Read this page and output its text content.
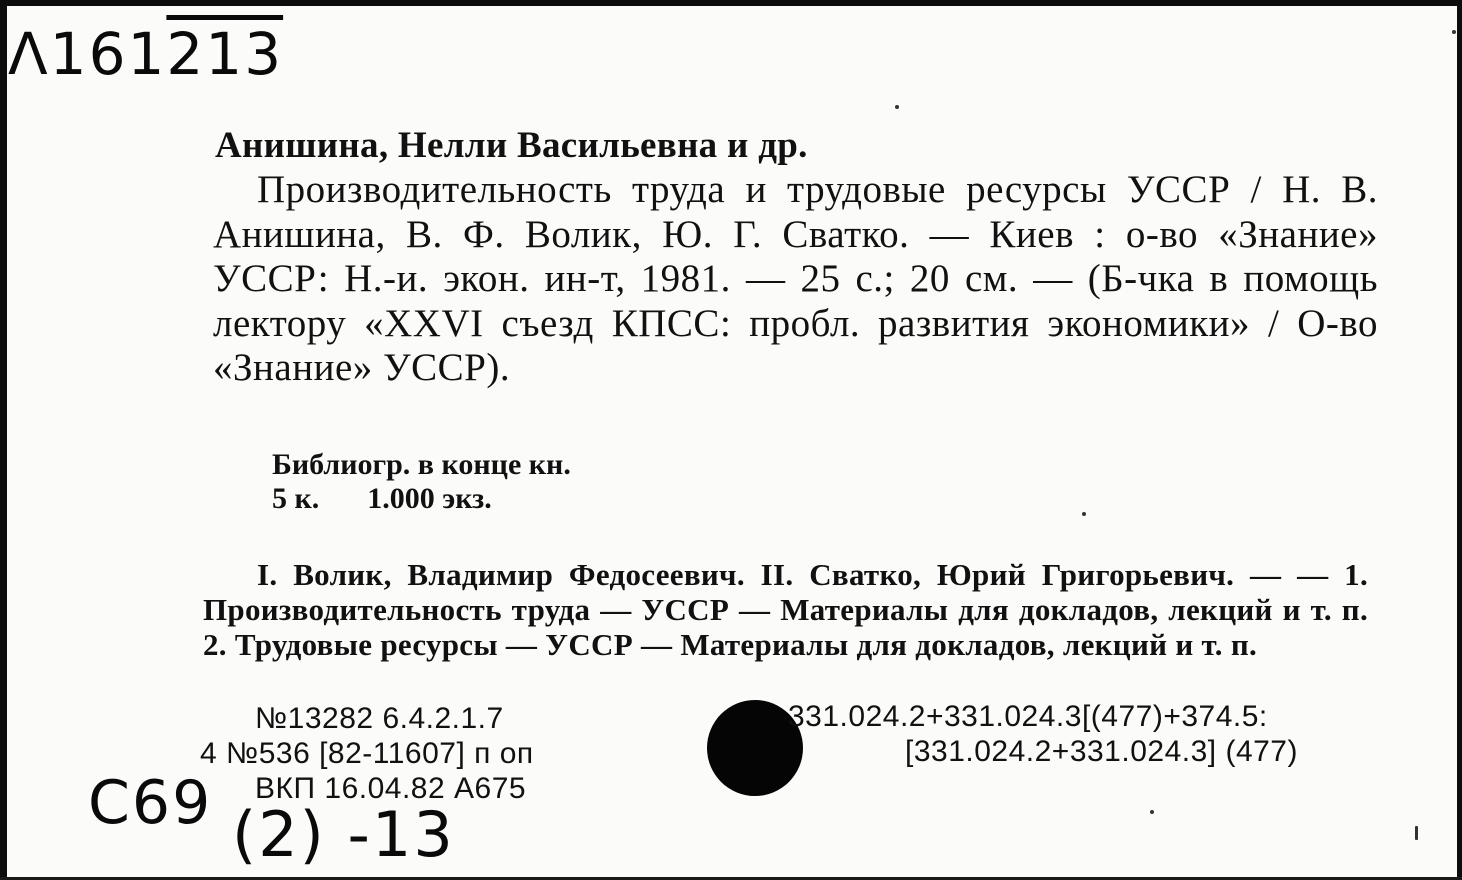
Λ161213
Анишина, Нелли Васильевна и др.
Производительность труда и трудовые ресурсы УССР / Н. В. Анишина, В. Ф. Волик, Ю. Г. Сватко. — Киев : о-во «Знание» УССР: Н.-и. экон. ин-т, 1981. — 25 с.; 20 см. — (Б-чка в помощь лектору «XXVI съезд КПСС: пробл. развития экономики» / О-во «Знание» УССР).
Библиогр. в конце кн.
5 к. 1.000 экз.
I. Волик, Владимир Федосеевич. II. Сватко, Юрий Григорьевич. — — 1. Производительность труда — УССР — Материалы для докладов, лекций и т. п. 2. Трудовые ресурсы — УССР — Материалы для докладов, лекций и т. п.
№13282 6.4.2.1.7
4 №536 [82-11607] п оп
ВКП 16.04.82 А675
331.024.2+331.024.3[(477)+374.5:
[331.024.2+331.024.3] (477)
C69 (2) -13
